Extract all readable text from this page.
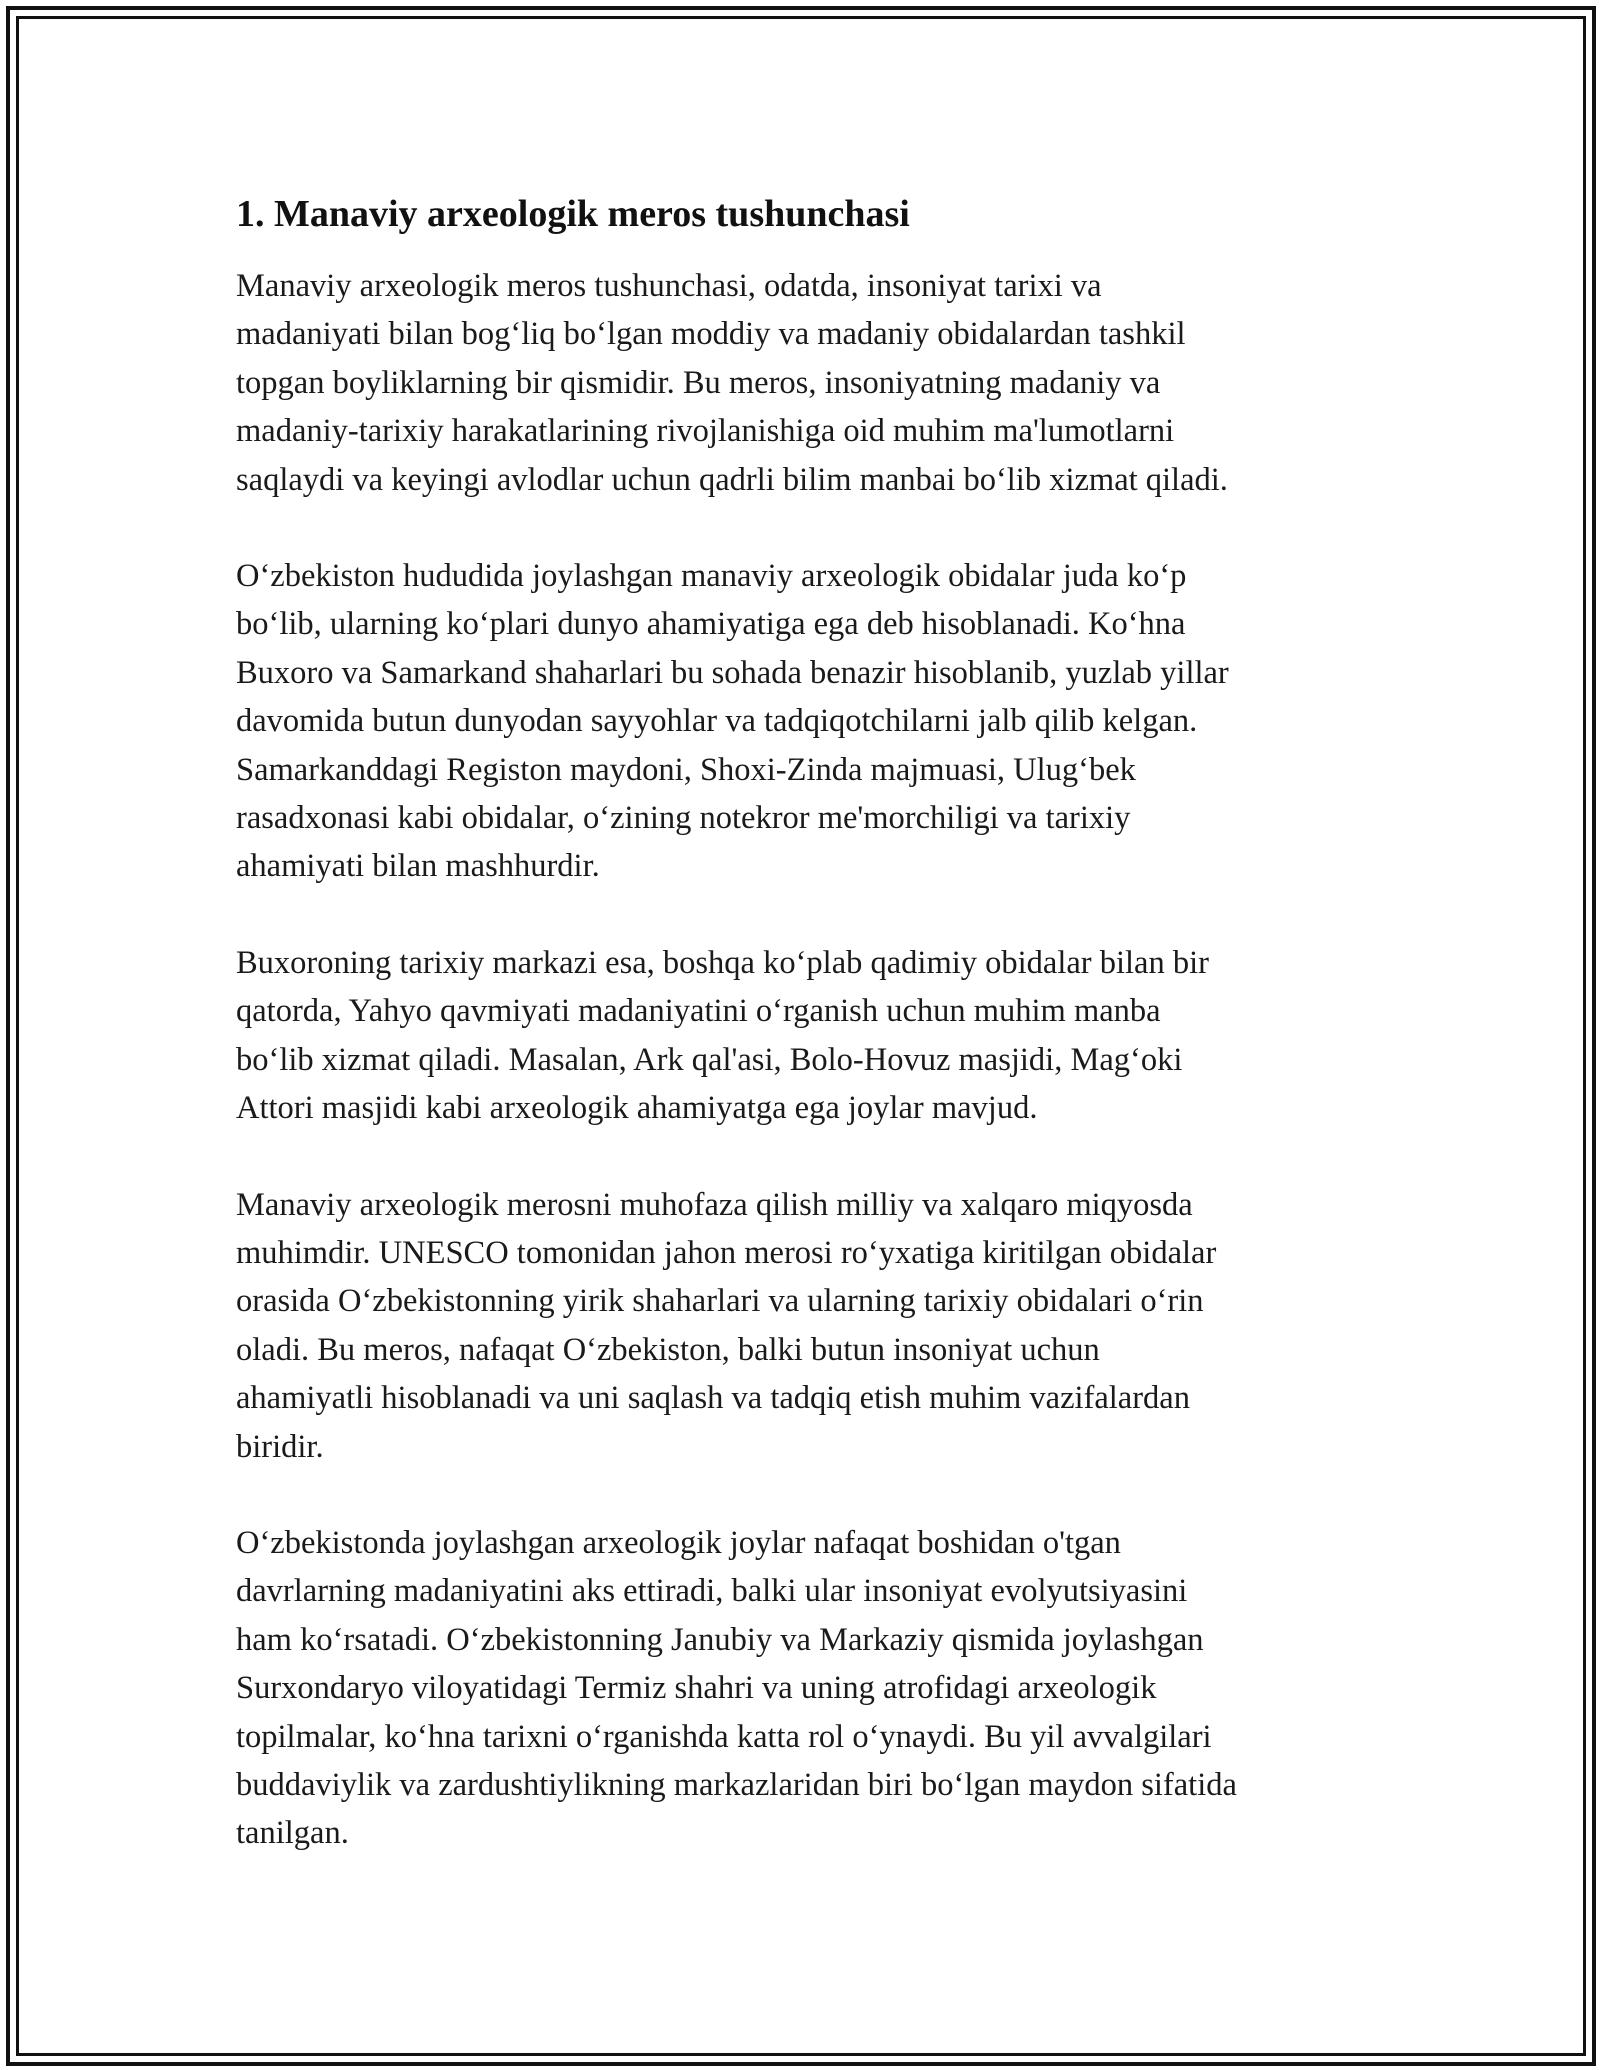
1. Manaviy arxeologik meros tushunchasi

Manaviy arxeologik meros tushunchasi, odatda, insoniyat tarixi va
madaniyati bilan bog‘liq bo‘lgan moddiy va madaniy obidalardan tashkil
topgan boyliklarning bir qismidir. Bu meros, insoniyatning madaniy va
madaniy-tarixiy harakatlarining rivojlanishiga oid muhim ma'lumotlarni
saqlaydi va keyingi avlodlar uchun qadrli bilim manbai bo‘lib xizmat qiladi.

O‘zbekiston hududida joylashgan manaviy arxeologik obidalar juda ko‘p
bo‘lib, ularning ko‘plari dunyo ahamiyatiga ega deb hisoblanadi. Ko‘hna
Buxoro va Samarkand shaharlari bu sohada benazir hisoblanib, yuzlab yillar
davomida butun dunyodan sayyohlar va tadqiqotchilarni jalb qilib kelgan.
Samarkanddagi Registon maydoni, Shoxi-Zinda majmuasi, Ulug‘bek
rasadxonasi kabi obidalar, o‘zining notekror me'morchiligi va tarixiy
ahamiyati bilan mashhurdir.

Buxoroning tarixiy markazi esa, boshqa ko‘plab qadimiy obidalar bilan bir
qatorda, Yahyo qavmiyati madaniyatini o‘rganish uchun muhim manba
bo‘lib xizmat qiladi. Masalan, Ark qal'asi, Bolo-Hovuz masjidi, Mag‘oki
Attori masjidi kabi arxeologik ahamiyatga ega joylar mavjud.

Manaviy arxeologik merosni muhofaza qilish milliy va xalqaro miqyosda
muhimdir. UNESCO tomonidan jahon merosi ro‘yxatiga kiritilgan obidalar
orasida O‘zbekistonning yirik shaharlari va ularning tarixiy obidalari o‘rin
oladi. Bu meros, nafaqat O‘zbekiston, balki butun insoniyat uchun
ahamiyatli hisoblanadi va uni saqlash va tadqiq etish muhim vazifalardan
biridir.

O‘zbekistonda joylashgan arxeologik joylar nafaqat boshidan o'tgan
davrlarning madaniyatini aks ettiradi, balki ular insoniyat evolyutsiyasini
ham ko‘rsatadi. O‘zbekistonning Janubiy va Markaziy qismida joylashgan
Surxondaryo viloyatidagi Termiz shahri va uning atrofidagi arxeologik
topilmalar, ko‘hna tarixni o‘rganishda katta rol o‘ynaydi. Bu yil avvalgilari
buddaviylik va zardushtiylikning markazlaridan biri bo‘lgan maydon sifatida
tanilgan.
